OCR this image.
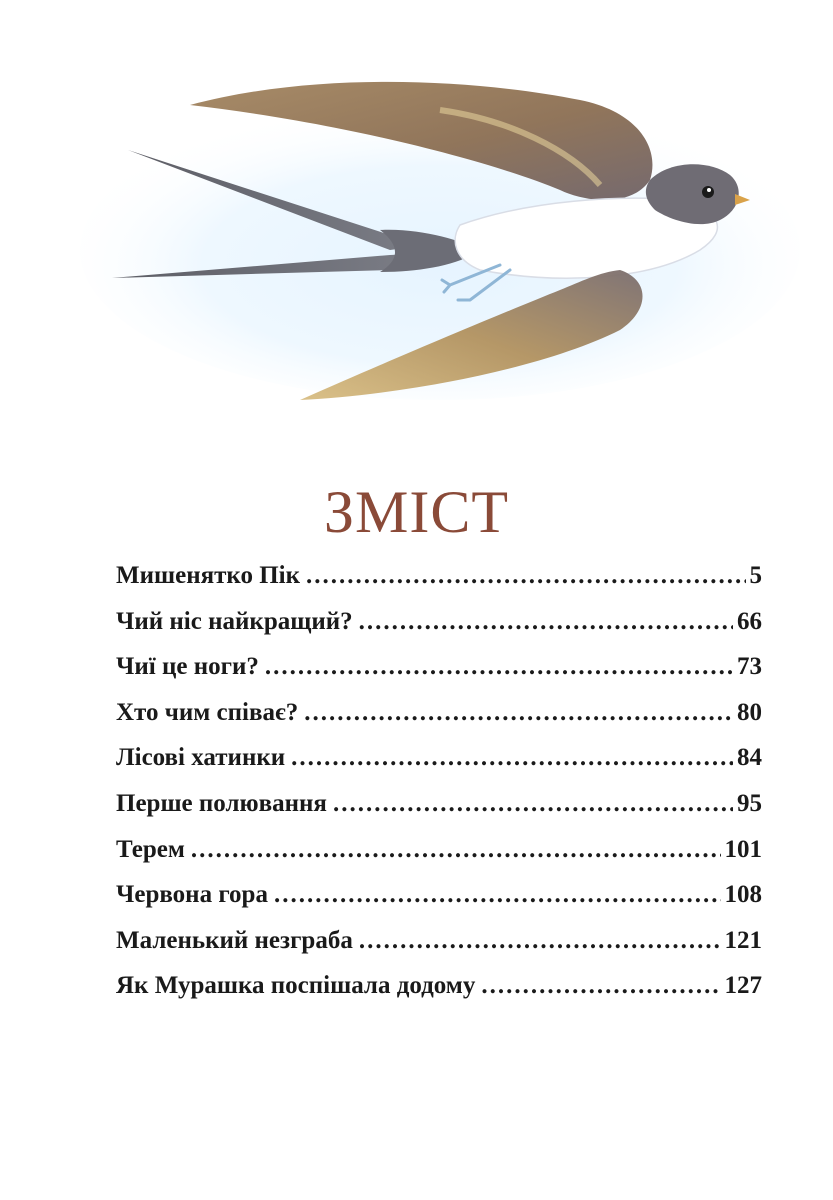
ЗМІСТ
Мишенятко Пік .....	5
Чий ніс найкращий? .....	66
Чиї це ноги? .....	73
Хто чим співає? .....	80
Лісові хатинки .....	84
Перше полювання .....	95
Терем .....	101
Червона гора .....	108
Маленький незграба .....	121
Як Мурашка поспішала додому .....	127
